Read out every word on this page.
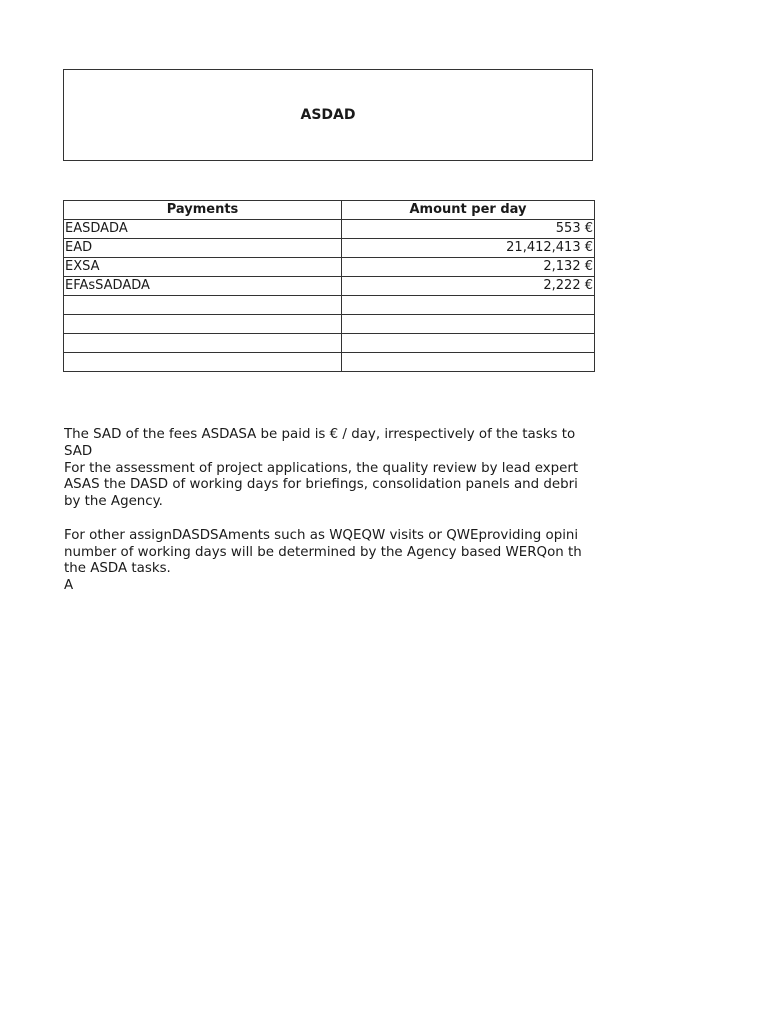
ASDAD
Payments	Amount per day
EASDADA	553 €
EAD	21,412,413 €
EXSA	2,132 €
EFAsSADADA	2,222 €

The SAD of the fees ASDASA be paid is € / day, irrespectively of the tasks to
SAD
For the assessment of project applications, the quality review by lead expert
ASAS the DASD of working days for briefings, consolidation panels and debri
by the Agency.
For other assignDASDSAments such as WQEQW visits or QWEproviding opini
number of working days will be determined by the Agency based WERQon th
the ASDA tasks.
A
